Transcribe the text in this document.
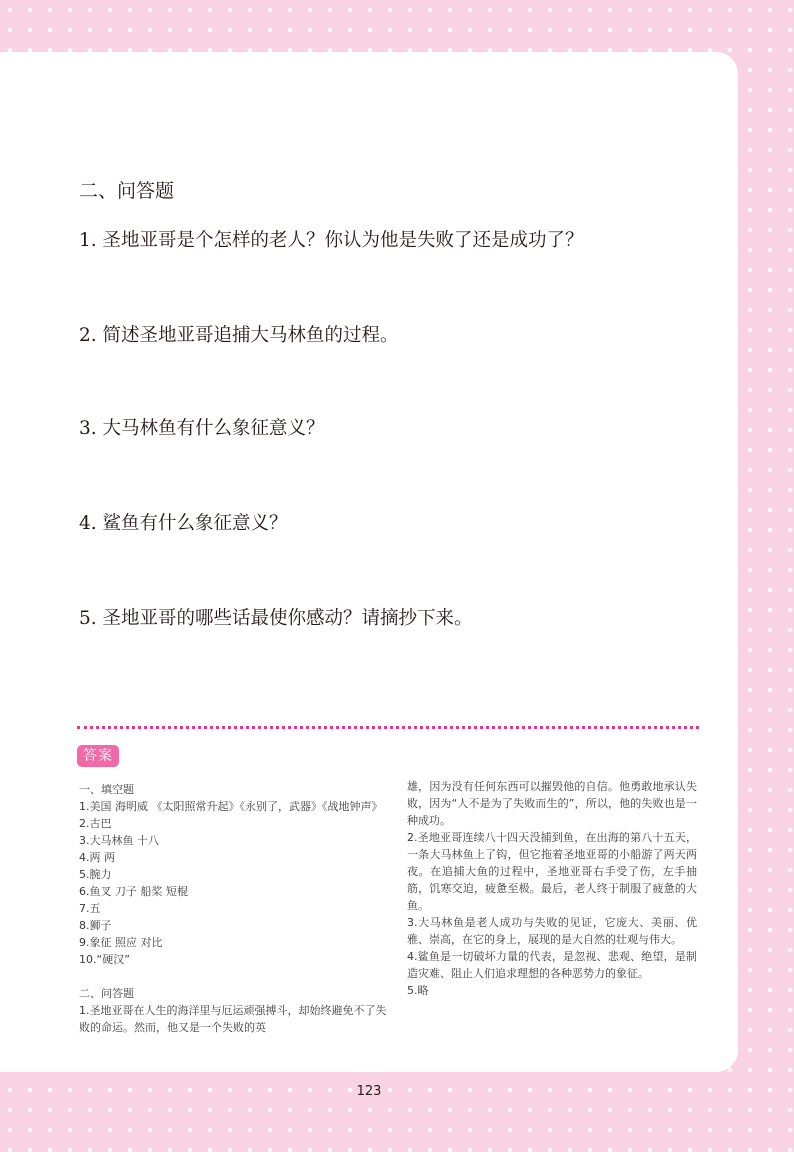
二、问答题

1. 圣地亚哥是个怎样的老人？你认为他是失败了还是成功了？

2. 简述圣地亚哥追捕大马林鱼的过程。

3. 大马林鱼有什么象征意义？

4. 鲨鱼有什么象征意义？

5. 圣地亚哥的哪些话最使你感动？请摘抄下来。

答案

一、填空题

1.美国 海明威 《太阳照常升起》《永别了，武器》《战地钟声》

2.古巴

3.大马林鱼 十八

4.两 两

5.腕力

6.鱼叉 刀子 船桨 短棍

7.五

8.狮子

9.象征 照应 对比

10.“硬汉”

二、问答题

1.圣地亚哥在人生的海洋里与厄运顽强搏斗，却始终避免不了失败的命运。然而，他又是一个失败的英

雄，因为没有任何东西可以摧毁他的自信。他勇敢地承认失败，因为“人不是为了失败而生的”，所以，他的失败也是一种成功。

2.圣地亚哥连续八十四天没捕到鱼，在出海的第八十五天，一条大马林鱼上了钩，但它拖着圣地亚哥的小船游了两天两夜。在追捕大鱼的过程中，圣地亚哥右手受了伤，左手抽筋，饥寒交迫，疲惫至极。最后，老人终于制服了疲惫的大鱼。

3.大马林鱼是老人成功与失败的见证，它庞大、美丽、优雅、崇高，在它的身上，展现的是大自然的壮观与伟大。

4.鲨鱼是一切破坏力量的代表，是忽视、悲观、绝望，是制造灾难、阻止人们追求理想的各种恶势力的象征。

5.略

123
